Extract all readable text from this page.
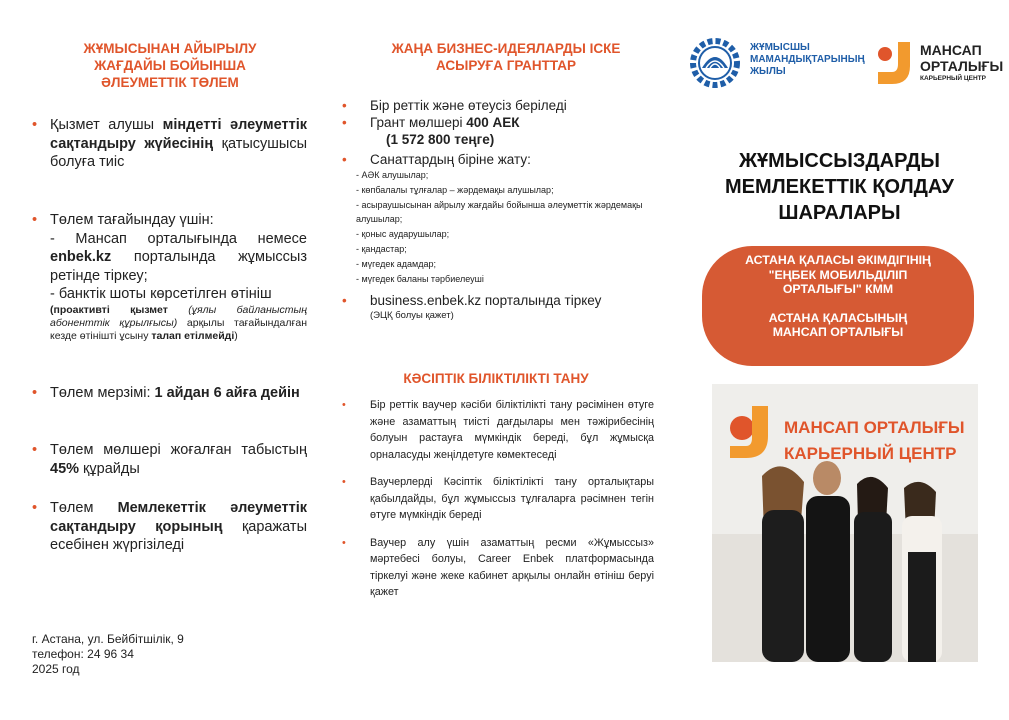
ЖҰМЫСЫНАН АЙЫРЫЛУ
ЖАҒДАЙЫ БОЙЫНША
ӘЛЕУМЕТТІК ТӨЛЕМ
• Қызмет алушы міндетті әлеуметтік сақтандыру жүйесінің қатысушысы болуға тиіс
• Төлем тағайындау үшін:
- Мансап орталығында немесе enbek.kz порталында жұмыссыз ретінде тіркеу;
- банктік шоты көрсетілген өтініш
(проактивті қызмет (ұялы байланыстың абоненттік құрылғысы) арқылы тағайындалған кезде өтінішті ұсыну талап етілмейді)
• Төлем мерзімі: 1 айдан 6 айға дейін
• Төлем мөлшері жоғалған табыстың 45% құрайды
• Төлем Мемлекеттік әлеуметтік сақтандыру қорының қаражаты есебінен жүргізіледі
г. Астана, ул. Бейбітшілік, 9
телефон: 24 96 34
2025 год
ЖАҢА БИЗНЕС-ИДЕЯЛАРДЫ ІСКЕ
АСЫРУҒА ГРАНТТАР
• Бір реттік және өтеусіз беріледі
• Грант мөлшері 400 АЕК
(1 572 800 теңге)
• Санаттардың біріне жату:
- АӘК алушылар;
- көпбалалы тұлғалар – жәрдемақы алушылар;
- асыраушысынан айрылу жағдайы бойынша әлеуметтік жәрдемақы алушылар;
- қоныс аударушылар;
- қандастар;
- мүгедек адамдар;
- мүгедек баланы тәрбиелеуші
• business.enbek.kz порталында тіркеу
(ЭЦҚ болуы қажет)
КӘСІПТІК БІЛІКТІЛІКТІ ТАНУ
• Бір реттік ваучер кәсіби біліктілікті тану рәсімінен өтуге және азаматтың тиісті дағдылары мен тәжірибесінің болуын растауға мүмкіндік береді, бұл жұмысқа орналасуды жеңілдетуге көмектеседі
• Ваучерлерді Кәсіптік біліктілікті тану орталықтары қабылдайды, бұл жұмыссыз тұлғаларға рәсімнен тегін өтуге мүмкіндік береді
• Ваучер алу үшін азаматтың ресми «Жұмыссыз» мәртебесі болуы, Career Enbek платформасында тіркелуі және жеке кабинет арқылы онлайн өтініш беруі қажет
ЖҰМЫСШЫ
МАМАНДЫҚТАРЫНЫҢ
ЖЫЛЫ
МАНСАП
ОРТАЛЫҒЫ
КАРЬЕРНЫЙ ЦЕНТР
ЖҰМЫССЫЗДАРДЫ
МЕМЛЕКЕТТІК ҚОЛДАУ
ШАРАЛАРЫ
АСТАНА ҚАЛАСЫ ӘКІМДІГІНІҢ
"ЕҢБЕК МОБИЛЬДІЛІП
ОРТАЛЫҒЫ" КММ
АСТАНА ҚАЛАСЫНЫҢ
МАНСАП ОРТАЛЫҒЫ
МАНСАП ОРТАЛЫҒЫ
КАРЬЕРНЫЙ ЦЕНТР
